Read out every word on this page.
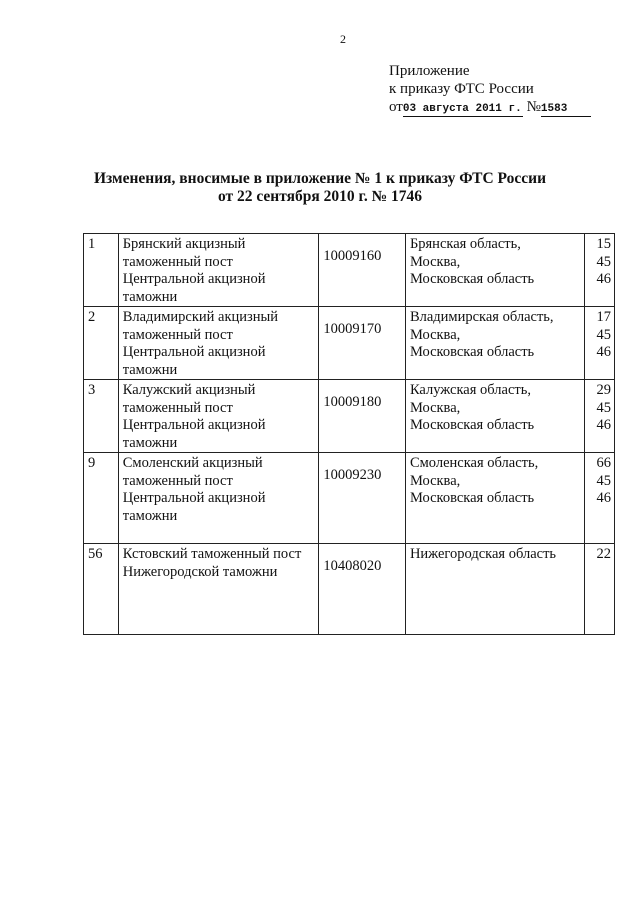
2
Приложение
к приказу ФТС России
от03 августа 2011 г. №1583
Изменения, вносимые в приложение № 1 к приказу ФТС России
от 22 сентября 2010 г. № 1746
1	Брянский акцизный
таможенный пост
Центральной акцизной
таможни	10009160	Брянская область,
Москва,
Московская область	15
45
46

2	Владимирский акцизный
таможенный пост
Центральной акцизной
таможни	10009170	Владимирская область,
Москва,
Московская область	17
45
46

3	Калужский акцизный
таможенный пост
Центральной акцизной
таможни	10009180	Калужская область,
Москва,
Московская область	29
45
46

9	Смоленский акцизный
таможенный пост
Центральной акцизной
таможни	10009230	Смоленская область,
Москва,
Московская область	66
45
46

56	Кстовский таможенный пост
Нижегородской таможни	10408020	Нижегородская область	22
